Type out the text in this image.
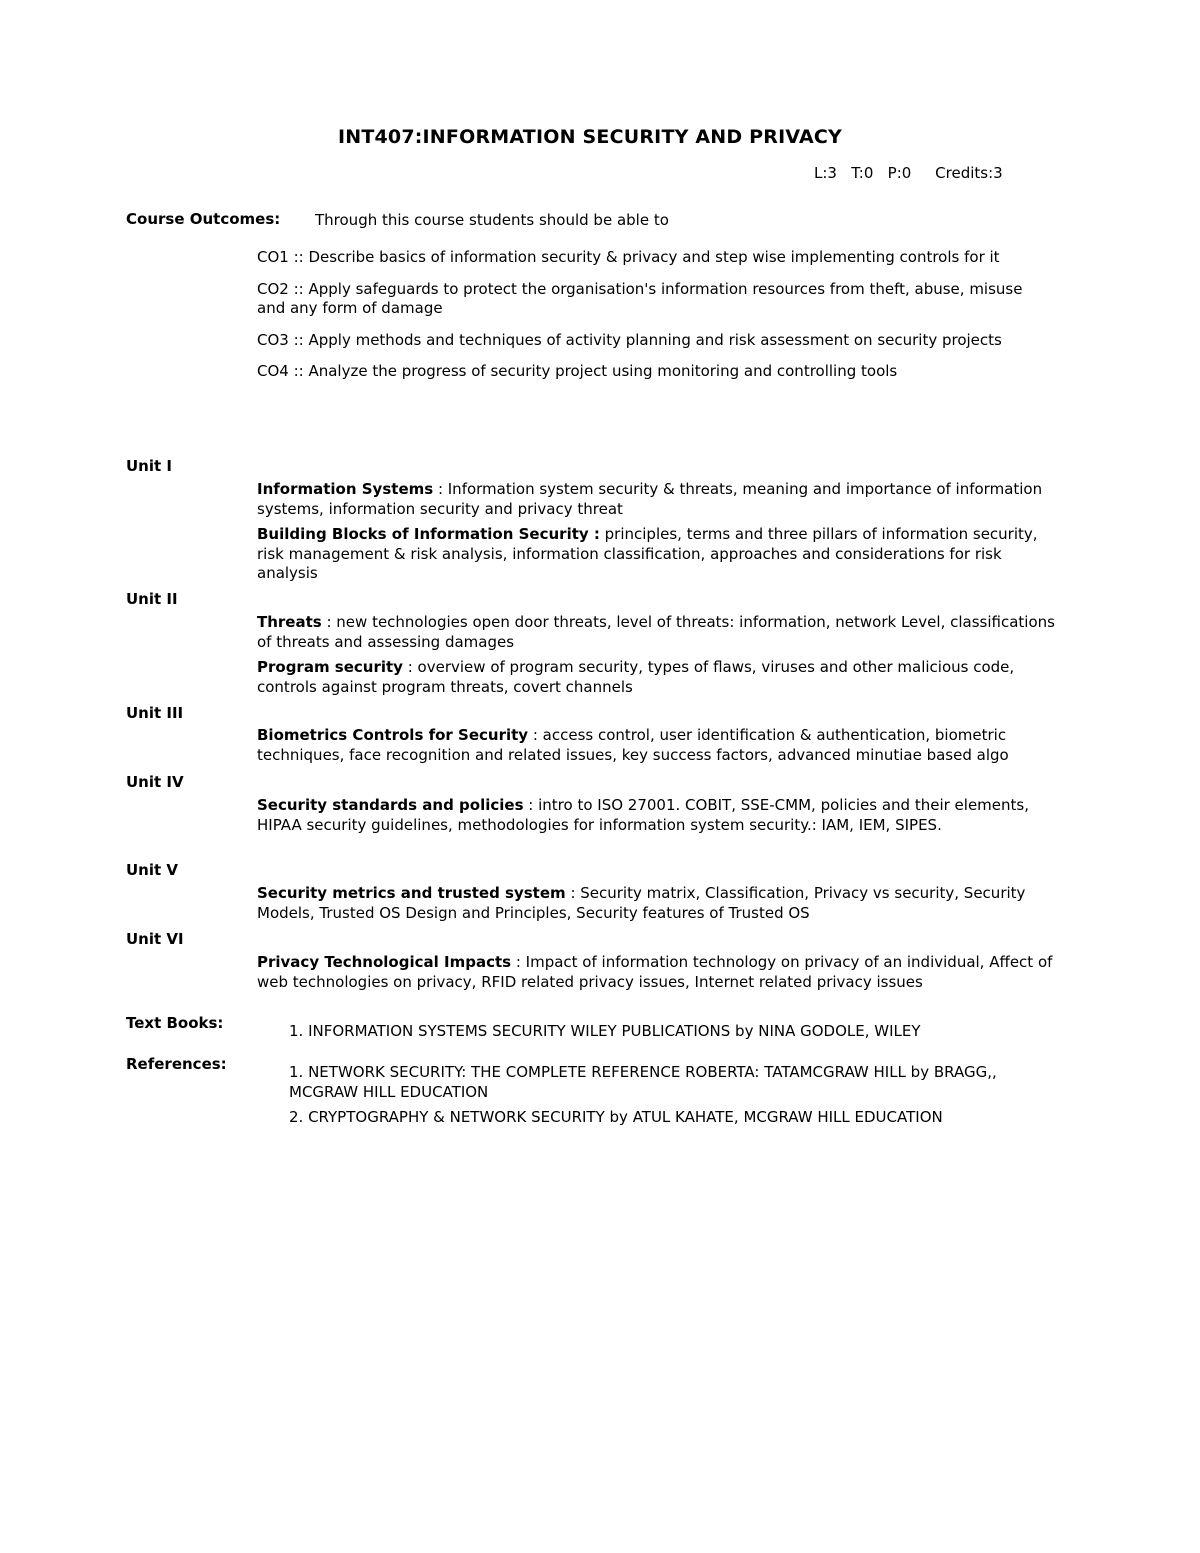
INT407:INFORMATION SECURITY AND PRIVACY
L:3   T:0   P:0     Credits:3
Course Outcomes: Through this course students should be able to

CO1 :: Describe basics of information security & privacy and step wise implementing controls for it

CO2 :: Apply safeguards to protect the organisation's information resources from theft, abuse, misuse and any form of damage

CO3 :: Apply methods and techniques of activity planning and risk assessment on security projects

CO4 :: Analyze the progress of security project using monitoring and controlling tools

Unit I

Information Systems : Information system security & threats, meaning and importance of information systems, information security and privacy threat

Building Blocks of Information Security : principles, terms and three pillars of information security, risk management & risk analysis, information classification, approaches and considerations for risk analysis

Unit II

Threats : new technologies open door threats, level of threats: information, network Level, classifications of threats and assessing damages

Program security : overview of program security, types of flaws, viruses and other malicious code, controls against program threats, covert channels

Unit III

Biometrics Controls for Security : access control, user identification & authentication, biometric techniques, face recognition and related issues, key success factors, advanced minutiae based algo

Unit IV

Security standards and policies : intro to ISO 27001. COBIT, SSE-CMM, policies and their elements, HIPAA security guidelines, methodologies for information system security.: IAM, IEM, SIPES.

Unit V

Security metrics and trusted system : Security matrix, Classification, Privacy vs security, Security Models, Trusted OS Design and Principles, Security features of Trusted OS

Unit VI

Privacy Technological Impacts : Impact of information technology on privacy of an individual, Affect of web technologies on privacy, RFID related privacy issues, Internet related privacy issues

Text Books:	1. INFORMATION SYSTEMS SECURITY WILEY PUBLICATIONS by NINA GODOLE, WILEY

References:	1. NETWORK SECURITY: THE COMPLETE REFERENCE ROBERTA: TATAMCGRAW HILL by BRAGG,, MCGRAW HILL EDUCATION

2. CRYPTOGRAPHY & NETWORK SECURITY by ATUL KAHATE, MCGRAW HILL EDUCATION
